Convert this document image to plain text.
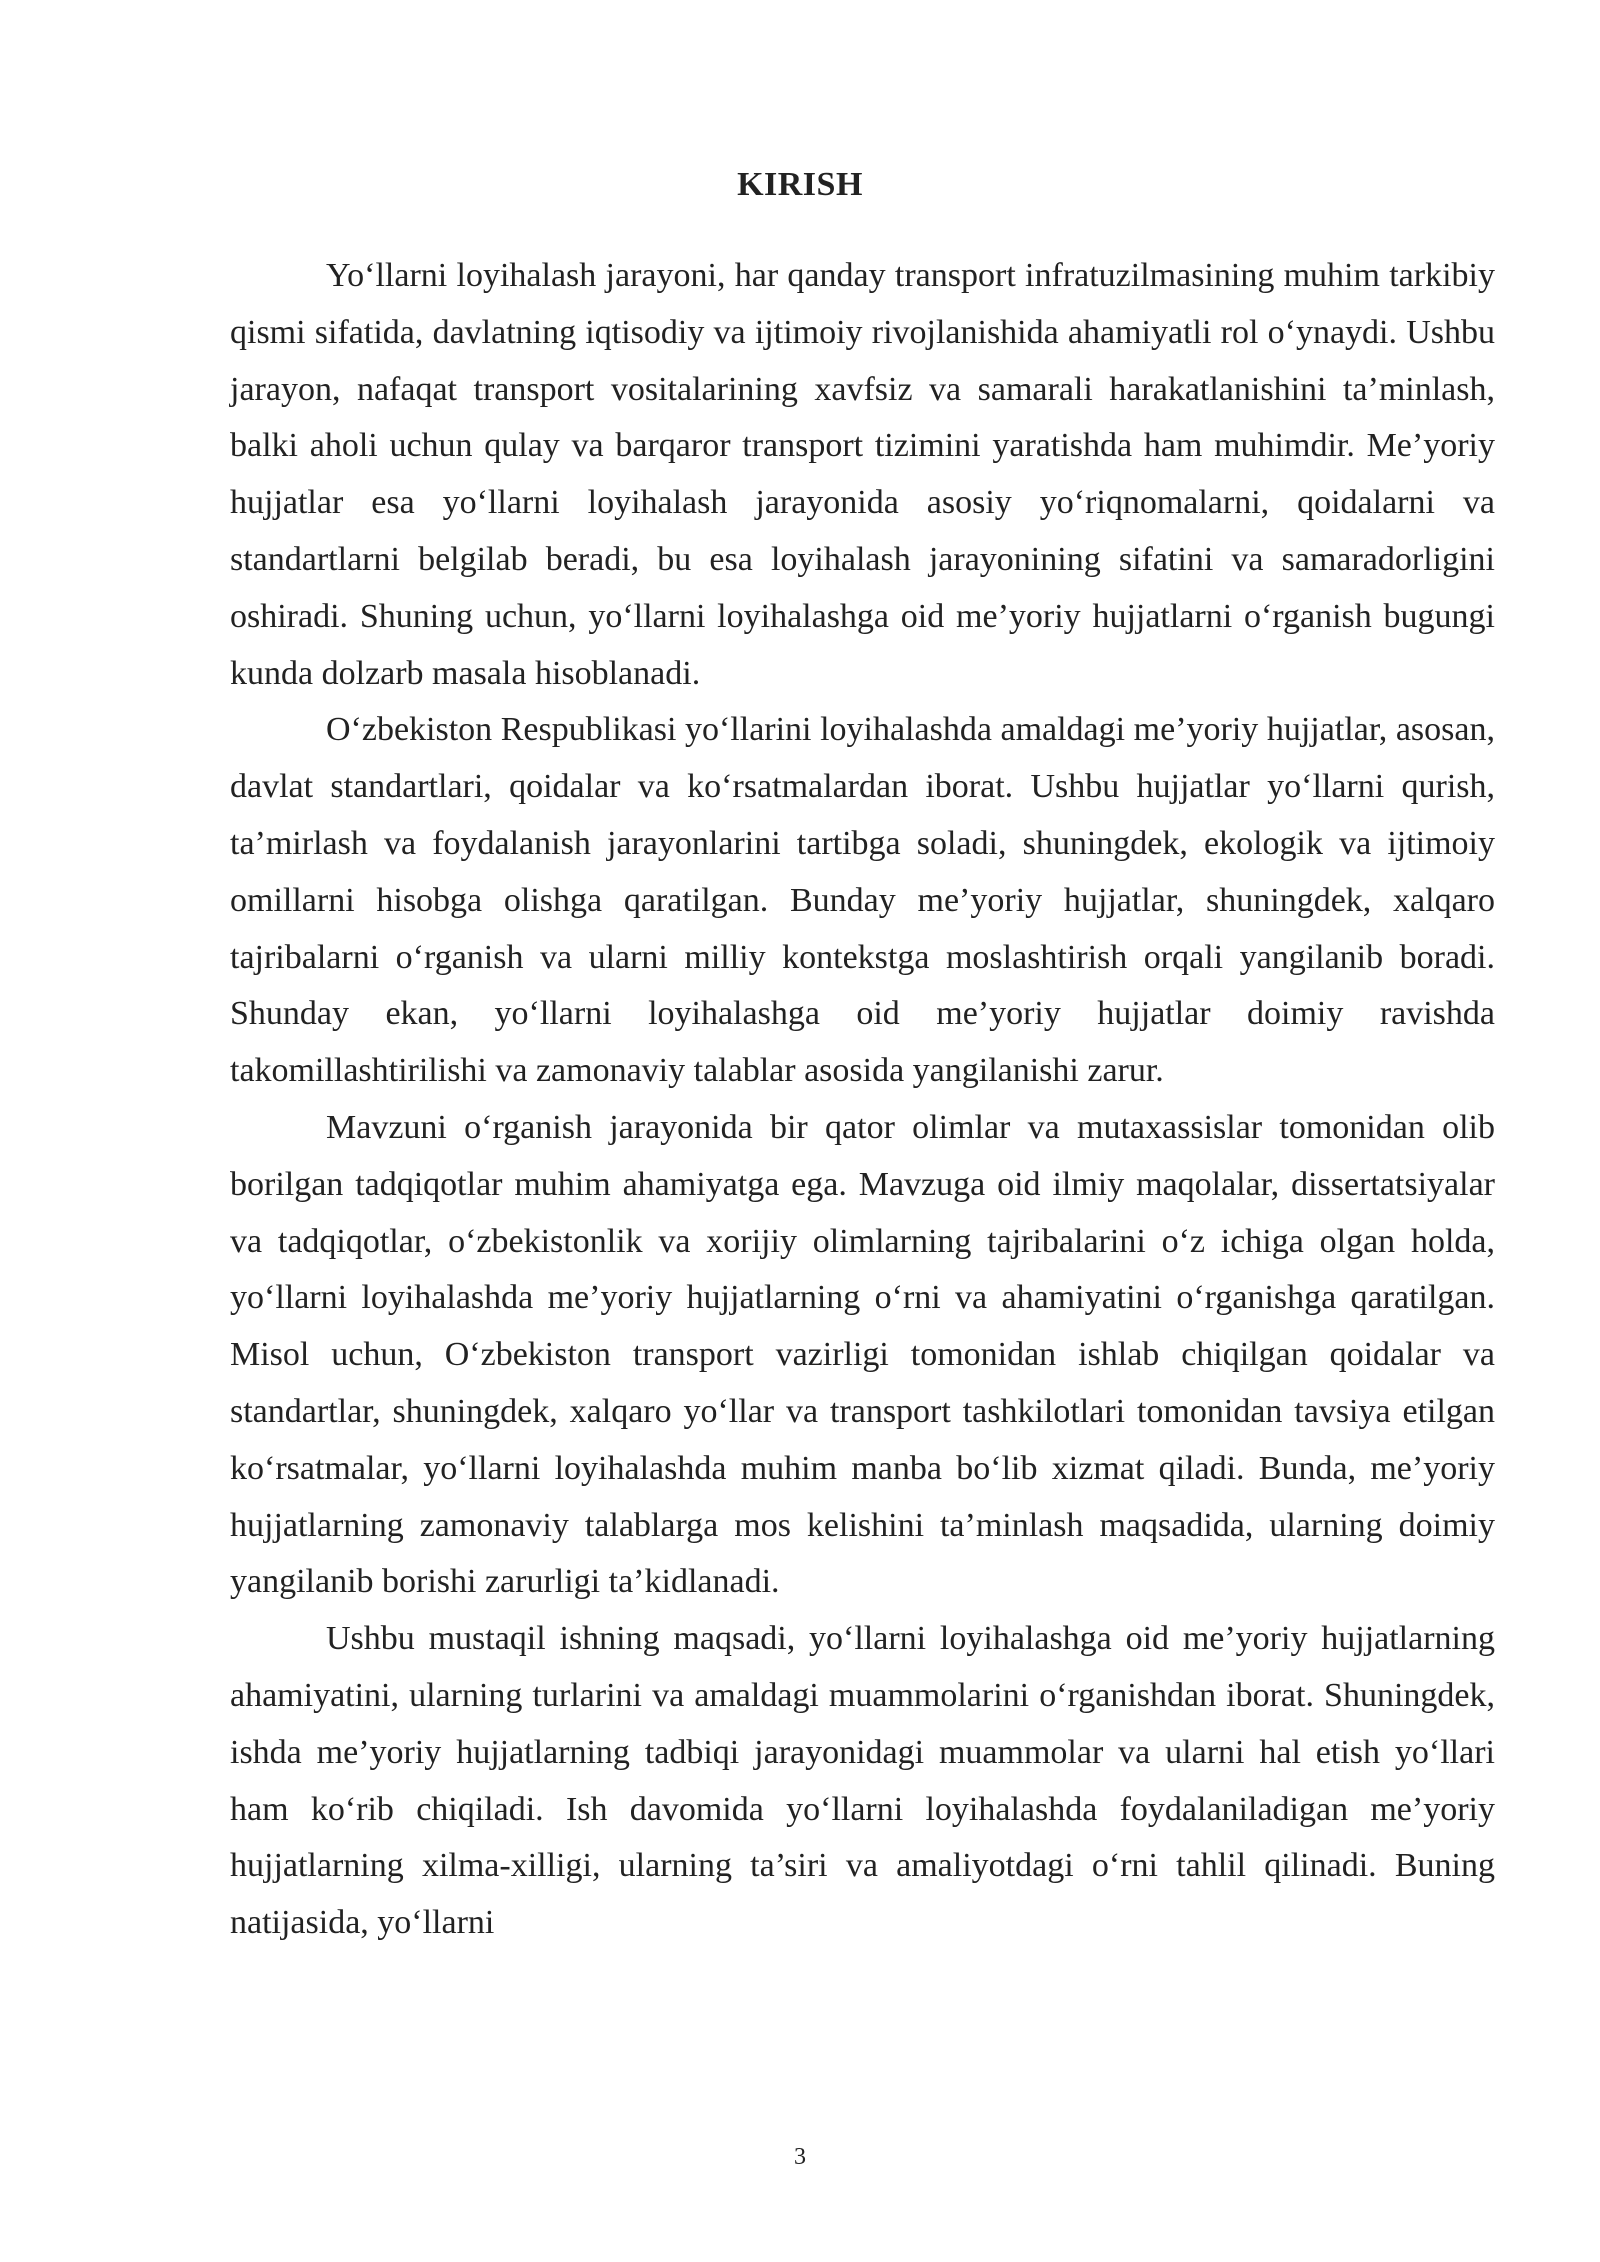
KIRISH

Yo‘llarni loyihalash jarayoni, har qanday transport infratuzilmasining muhim tarkibiy qismi sifatida, davlatning iqtisodiy va ijtimoiy rivojlanishida ahamiyatli rol o‘ynaydi. Ushbu jarayon, nafaqat transport vositalarining xavfsiz va samarali harakatlanishini ta’minlash, balki aholi uchun qulay va barqaror transport tizimini yaratishda ham muhimdir. Me’yoriy hujjatlar esa yo‘llarni loyihalash jarayonida asosiy yo‘riqnomalarni, qoidalarni va standartlarni belgilab beradi, bu esa loyihalash jarayonining sifatini va samaradorligini oshiradi. Shuning uchun, yo‘llarni loyihalashga oid me’yoriy hujjatlarni o‘rganish bugungi kunda dolzarb masala hisoblanadi.

O‘zbekiston Respublikasi yo‘llarini loyihalashda amaldagi me’yoriy hujjatlar, asosan, davlat standartlari, qoidalar va ko‘rsatmalardan iborat. Ushbu hujjatlar yo‘llarni qurish, ta’mirlash va foydalanish jarayonlarini tartibga soladi, shuningdek, ekologik va ijtimoiy omillarni hisobga olishga qaratilgan. Bunday me’yoriy hujjatlar, shuningdek, xalqaro tajribalarni o‘rganish va ularni milliy kontekstga moslashtirish orqali yangilanib boradi. Shunday ekan, yo‘llarni loyihalashga oid me’yoriy hujjatlar doimiy ravishda takomillashtirilishi va zamonaviy talablar asosida yangilanishi zarur.

Mavzuni o‘rganish jarayonida bir qator olimlar va mutaxassislar tomonidan olib borilgan tadqiqotlar muhim ahamiyatga ega. Mavzuga oid ilmiy maqolalar, dissertatsiyalar va tadqiqotlar, o‘zbekistonlik va xorijiy olimlarning tajribalarini o‘z ichiga olgan holda, yo‘llarni loyihalashda me’yoriy hujjatlarning o‘rni va ahamiyatini o‘rganishga qaratilgan. Misol uchun, O‘zbekiston transport vazirligi tomonidan ishlab chiqilgan qoidalar va standartlar, shuningdek, xalqaro yo‘llar va transport tashkilotlari tomonidan tavsiya etilgan ko‘rsatmalar, yo‘llarni loyihalashda muhim manba bo‘lib xizmat qiladi. Bunda, me’yoriy hujjatlarning zamonaviy talablarga mos kelishini ta’minlash maqsadida, ularning doimiy yangilanib borishi zarurligi ta’kidlanadi.

Ushbu mustaqil ishning maqsadi, yo‘llarni loyihalashga oid me’yoriy hujjatlarning ahamiyatini, ularning turlarini va amaldagi muammolarini o‘rganishdan iborat. Shuningdek, ishda me’yoriy hujjatlarning tadbiqi jarayonidagi muammolar va ularni hal etish yo‘llari ham ko‘rib chiqiladi. Ish davomida yo‘llarni loyihalashda foydalaniladigan me’yoriy hujjatlarning xilma-xilligi, ularning ta’siri va amaliyotdagi o‘rni tahlil qilinadi. Buning natijasida, yo‘llarni

3
